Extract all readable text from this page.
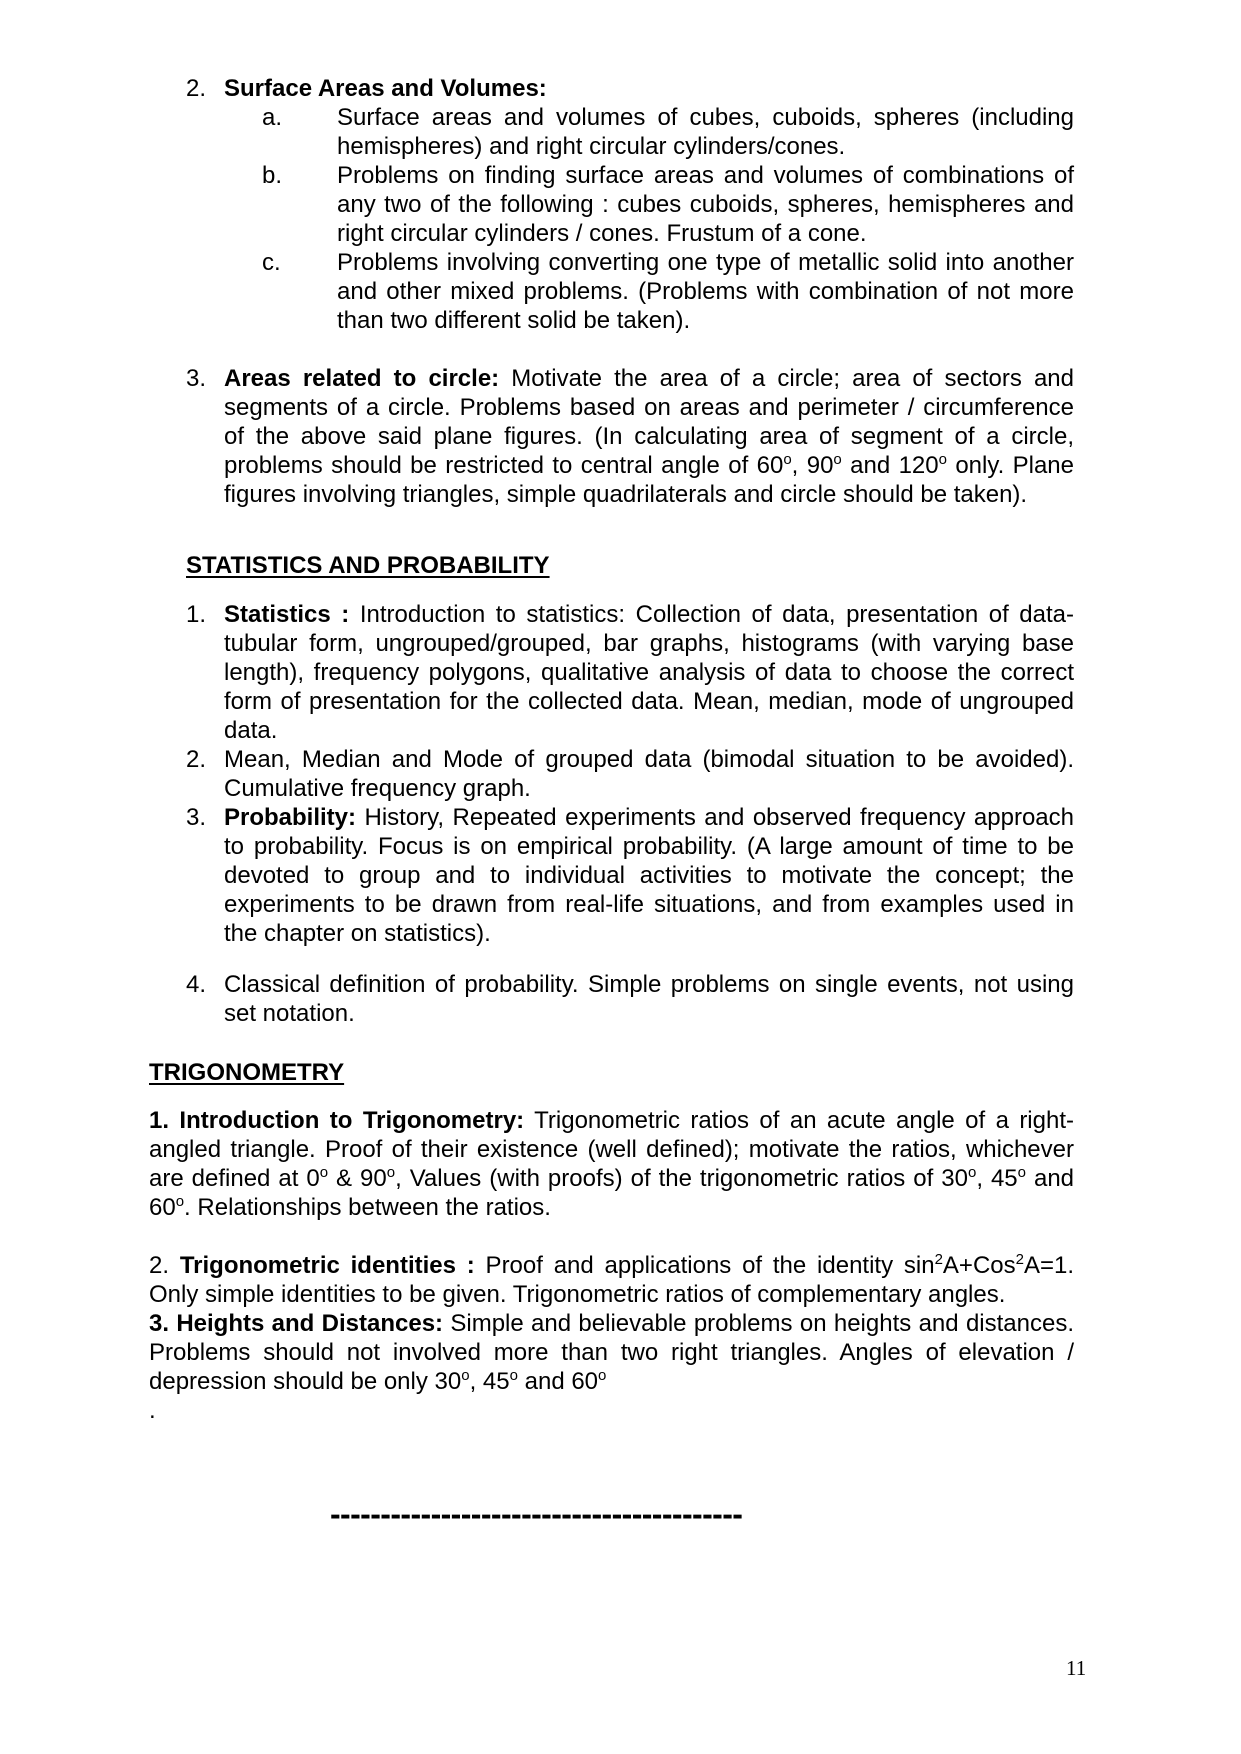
2. Surface Areas and Volumes:
a. Surface areas and volumes of cubes, cuboids, spheres (including hemispheres) and right circular cylinders/cones.

b. Problems on finding surface areas and volumes of combinations of any two of the following : cubes cuboids, spheres, hemispheres and right circular cylinders / cones. Frustum of a cone.

c. Problems involving converting one type of metallic solid into another and other mixed problems. (Problems with combination of not more than two different solid be taken).

3. Areas related to circle: Motivate the area of a circle; area of sectors and segments of a circle. Problems based on areas and perimeter / circumference of the above said plane figures. (In calculating area of segment of a circle, problems should be restricted to central angle of 60$^o$, 90$^o$ and 120$^o$ only. Plane figures involving triangles, simple quadrilaterals and circle should be taken).

STATISTICS AND PROBABILITY
1. Statistics : Introduction to statistics: Collection of data, presentation of data-tubular form, ungrouped/grouped, bar graphs, histograms (with varying base length), frequency polygons, qualitative analysis of data to choose the correct form of presentation for the collected data. Mean, median, mode of ungrouped data.

2. Mean, Median and Mode of grouped data (bimodal situation to be avoided). Cumulative frequency graph.

3. Probability: History, Repeated experiments and observed frequency approach to probability. Focus is on empirical probability. (A large amount of time to be devoted to group and to individual activities to motivate the concept; the experiments to be drawn from real-life situations, and from examples used in the chapter on statistics).

4. Classical definition of probability. Simple problems on single events, not using set notation.

TRIGONOMETRY

1. Introduction to Trigonometry: Trigonometric ratios of an acute angle of a right-angled triangle. Proof of their existence (well defined); motivate the ratios, whichever are defined at 0$^o$ & 90$^o$, Values (with proofs) of the trigonometric ratios of 30$^o$, 45$^o$ and 60$^o$. Relationships between the ratios.

2. Trigonometric identities : Proof and applications of the identity $\sin^2A+Cos^2A=1$. Only simple identities to be given. Trigonometric ratios of complementary angles.

3. Heights and Distances: Simple and believable problems on heights and distances. Problems should not involved more than two right triangles. Angles of elevation / depression should be only 30$^o$, 45$^o$ and 60$^o$

.

-----------------------------------------
11
